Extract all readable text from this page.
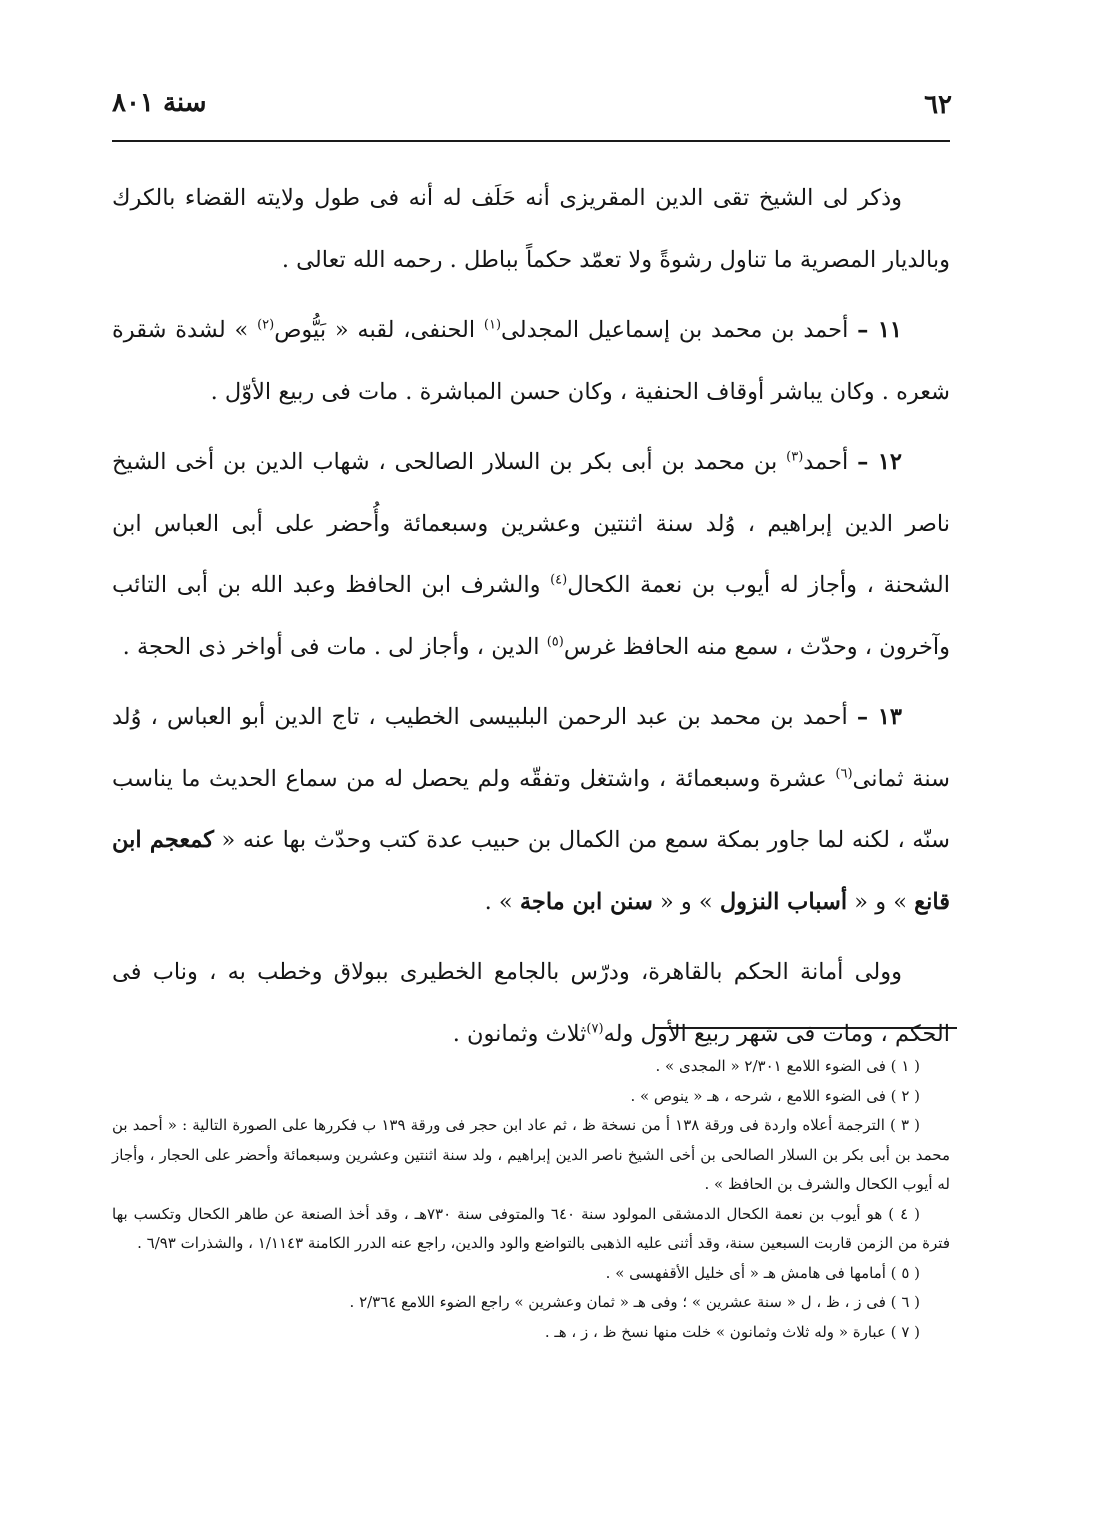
٦٢
سنة ٨٠١

وذكر لى الشيخ تقى الدين المقريزى أنه حَلَف له أنه فى طول ولايته القضاء بالكرك وبالديار المصرية ما تناول رشوةً ولا تعمّد حكماً بباطل . رحمه الله تعالى .

١١ – أحمد بن محمد بن إسماعيل المجدلى$^{(١)}$ الحنفى، لقبه « بَيُّوص$^{(٢)}$ » لشدة شقرة شعره . وكان يباشر أوقاف الحنفية ، وكان حسن المباشرة . مات فى ربيع الأوّل .

١٢ – أحمد$^{(٣)}$ بن محمد بن أبى بكر بن السلار الصالحى ، شهاب الدين بن أخى الشيخ ناصر الدين إبراهيم ، وُلد سنة اثنتين وعشرين وسبعمائة وأُحضر على أبى العباس ابن الشحنة ، وأجاز له أيوب بن نعمة الكحال$^{(٤)}$ والشرف ابن الحافظ وعبد الله بن أبى التائب وآخرون ، وحدّث ، سمع منه الحافظ غرس$^{(٥)}$ الدين ، وأجاز لى . مات فى أواخر ذى الحجة .

١٣ – أحمد بن محمد بن عبد الرحمن البلبيسى الخطيب ، تاج الدين أبو العباس ، وُلد سنة ثمانى$^{(٦)}$ عشرة وسبعمائة ، واشتغل وتفقّه ولم يحصل له من سماع الحديث ما يناسب سنّه ، لكنه لما جاور بمكة سمع من الكمال بن حبيب عدة كتب وحدّث بها عنه « كمعجم ابن قانع » و « أسباب النزول » و « سنن ابن ماجة » .

وولى أمانة الحكم بالقاهرة، ودرّس بالجامع الخطيرى ببولاق وخطب به ، وناب فى الحكم ، ومات فى شهر ربيع الأول وله$^{(٧)}$ثلاث وثمانون .

( ١ ) فى الضوء اللامع ٢/٣٠١ « المجدى » .

( ٢ ) فى الضوء اللامع ، شرحه ، هـ « ينوص » .

( ٣ ) الترجمة أعلاه واردة فى ورقة ١٣٨ أ من نسخة ظ ، ثم عاد ابن حجر فى ورقة ١٣٩ ب فكررها على الصورة التالية : « أحمد بن محمد بن أبى بكر بن السلار الصالحى بن أخى الشيخ ناصر الدين إبراهيم ، ولد سنة اثنتين وعشرين وسبعمائة وأحضر على الحجار ، وأجاز له أيوب الكحال والشرف بن الحافظ » .

( ٤ ) هو أيوب بن نعمة الكحال الدمشقى المولود سنة ٦٤٠ والمتوفى سنة ٧٣٠هـ ، وقد أخذ الصنعة عن طاهر الكحال وتكسب بها فترة من الزمن قاربت السبعين سنة، وقد أثنى عليه الذهبى بالتواضع والود والدين، راجع عنه الدرر الكامنة ١/١١٤٣ ، والشذرات ٦/٩٣ .

( ٥ ) أمامها فى هامش هـ « أى خليل الأقفهسى » .

( ٦ ) فى ز ، ظ ، ل « سنة عشرين » ؛ وفى هـ « ثمان وعشرين » راجع الضوء اللامع ٢/٣٦٤ .

( ٧ ) عبارة « وله ثلاث وثمانون » خلت منها نسخ ظ ، ز ، هـ .
